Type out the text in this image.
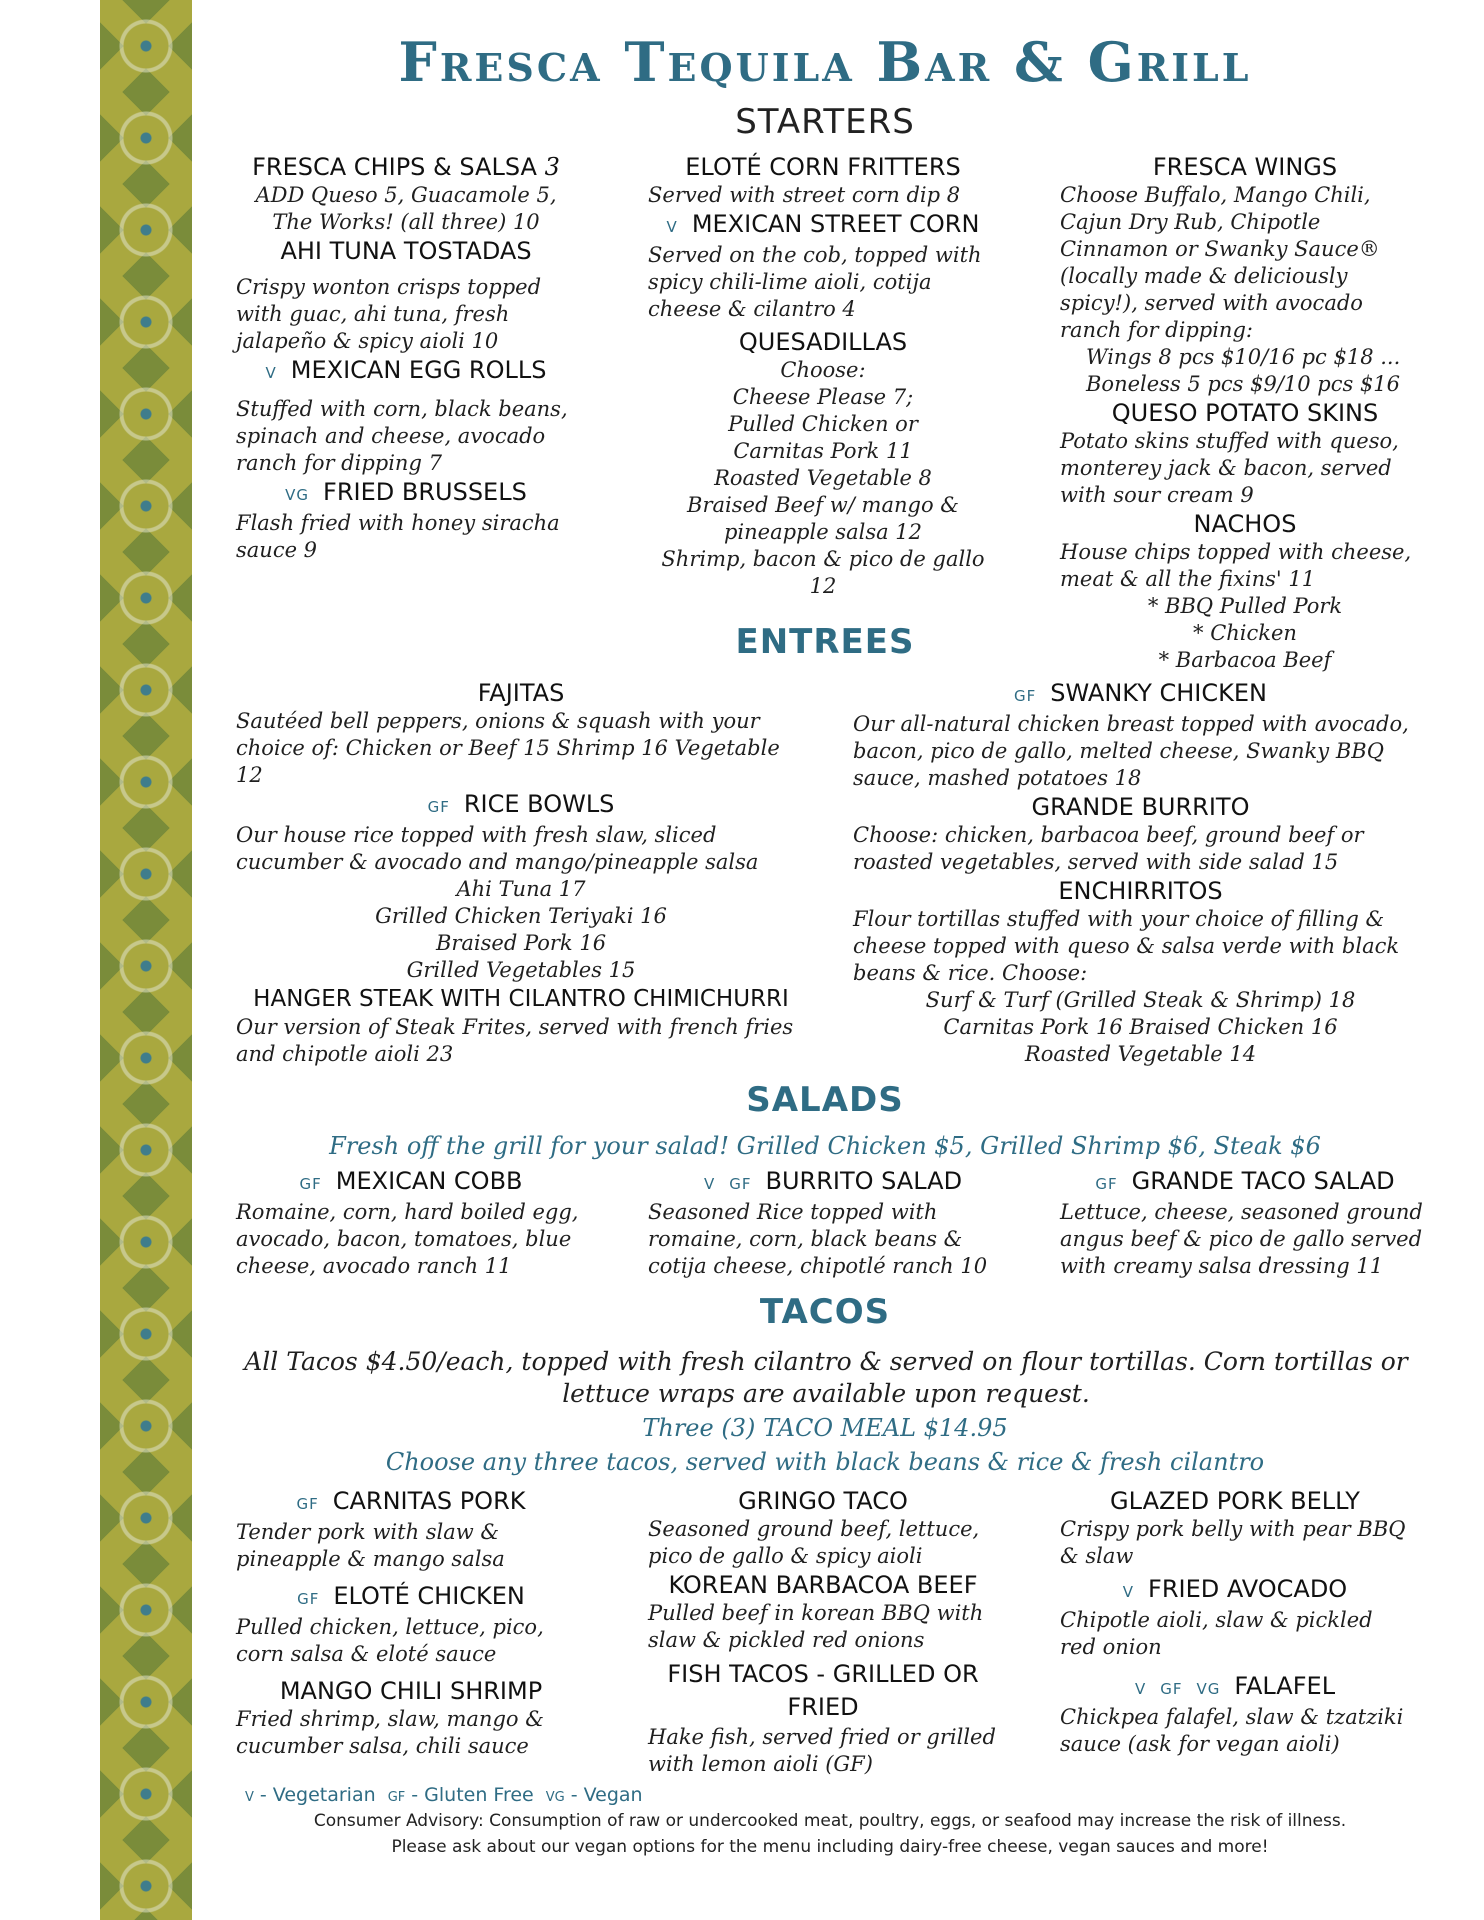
Fresca Tequila Bar & Grill
STARTERS
FRESCA CHIPS & SALSA 3
ADD Queso 5, Guacamole 5,
The Works! (all three) 10
AHI TUNA TOSTADAS
Crispy wonton crisps topped with guac, ahi tuna, fresh jalapeño & spicy aioli 10
V MEXICAN EGG ROLLS
Stuffed with corn, black beans, spinach and cheese, avocado ranch for dipping 7
VG FRIED BRUSSELS
Flash fried with honey siracha sauce 9
ELOTÉ CORN FRITTERS
Served with street corn dip 8
V MEXICAN STREET CORN
Served on the cob, topped with spicy chili-lime aioli, cotija cheese & cilantro 4
QUESADILLAS
Choose:
Cheese Please 7;
Pulled Chicken or
Carnitas Pork 11
Roasted Vegetable 8
Braised Beef w/ mango &
pineapple salsa 12
Shrimp, bacon & pico de gallo 12
FRESCA WINGS
Choose Buffalo, Mango Chili, Cajun Dry Rub, Chipotle Cinnamon or Swanky Sauce® (locally made & deliciously spicy!), served with avocado ranch for dipping:
Wings 8 pcs $10/16 pc $18 ...
Boneless 5 pcs $9/10 pcs $16
QUESO POTATO SKINS
Potato skins stuffed with queso, monterey jack & bacon, served with sour cream 9
NACHOS
House chips topped with cheese, meat & all the fixins' 11
* BBQ Pulled Pork
* Chicken
* Barbacoa Beef
ENTREES
FAJITAS
Sautéed bell peppers, onions & squash with your choice of: Chicken or Beef 15 Shrimp 16 Vegetable 12
GF RICE BOWLS
Our house rice topped with fresh slaw, sliced cucumber & avocado and mango/pineapple salsa
Ahi Tuna 17
Grilled Chicken Teriyaki 16
Braised Pork 16
Grilled Vegetables 15
HANGER STEAK WITH CILANTRO CHIMICHURRI
Our version of Steak Frites, served with french fries and chipotle aioli 23
GF SWANKY CHICKEN
Our all-natural chicken breast topped with avocado, bacon, pico de gallo, melted cheese, Swanky BBQ sauce, mashed potatoes 18
GRANDE BURRITO
Choose: chicken, barbacoa beef, ground beef or roasted vegetables, served with side salad 15
ENCHIRRITOS
Flour tortillas stuffed with your choice of filling & cheese topped with queso & salsa verde with black beans & rice. Choose:
Surf & Turf (Grilled Steak & Shrimp) 18
Carnitas Pork 16 Braised Chicken 16
Roasted Vegetable 14
SALADS
Fresh off the grill for your salad! Grilled Chicken $5, Grilled Shrimp $6, Steak $6
GF MEXICAN COBB
Romaine, corn, hard boiled egg, avocado, bacon, tomatoes, blue cheese, avocado ranch 11
V GF BURRITO SALAD
Seasoned Rice topped with romaine, corn, black beans & cotija cheese, chipotlé ranch 10
GF GRANDE TACO SALAD
Lettuce, cheese, seasoned ground angus beef & pico de gallo served with creamy salsa dressing 11
TACOS
All Tacos $4.50/each, topped with fresh cilantro & served on flour tortillas. Corn tortillas or lettuce wraps are available upon request.
Three (3) TACO MEAL $14.95
Choose any three tacos, served with black beans & rice & fresh cilantro
GF CARNITAS PORK
Tender pork with slaw & pineapple & mango salsa
GF ELOTÉ CHICKEN
Pulled chicken, lettuce, pico, corn salsa & eloté sauce
MANGO CHILI SHRIMP
Fried shrimp, slaw, mango & cucumber salsa, chili sauce
GRINGO TACO
Seasoned ground beef, lettuce, pico de gallo & spicy aioli
KOREAN BARBACOA BEEF
Pulled beef in korean BBQ with slaw & pickled red onions
FISH TACOS - GRILLED OR FRIED
Hake fish, served fried or grilled with lemon aioli (GF)
GLAZED PORK BELLY
Crispy pork belly with pear BBQ & slaw
V FRIED AVOCADO
Chipotle aioli, slaw & pickled red onion
V GF VG FALAFEL
Chickpea falafel, slaw & tzatziki sauce (ask for vegan aioli)
V - Vegetarian GF - Gluten Free VG - Vegan
Consumer Advisory: Consumption of raw or undercooked meat, poultry, eggs, or seafood may increase the risk of illness.
Please ask about our vegan options for the menu including dairy-free cheese, vegan sauces and more!
